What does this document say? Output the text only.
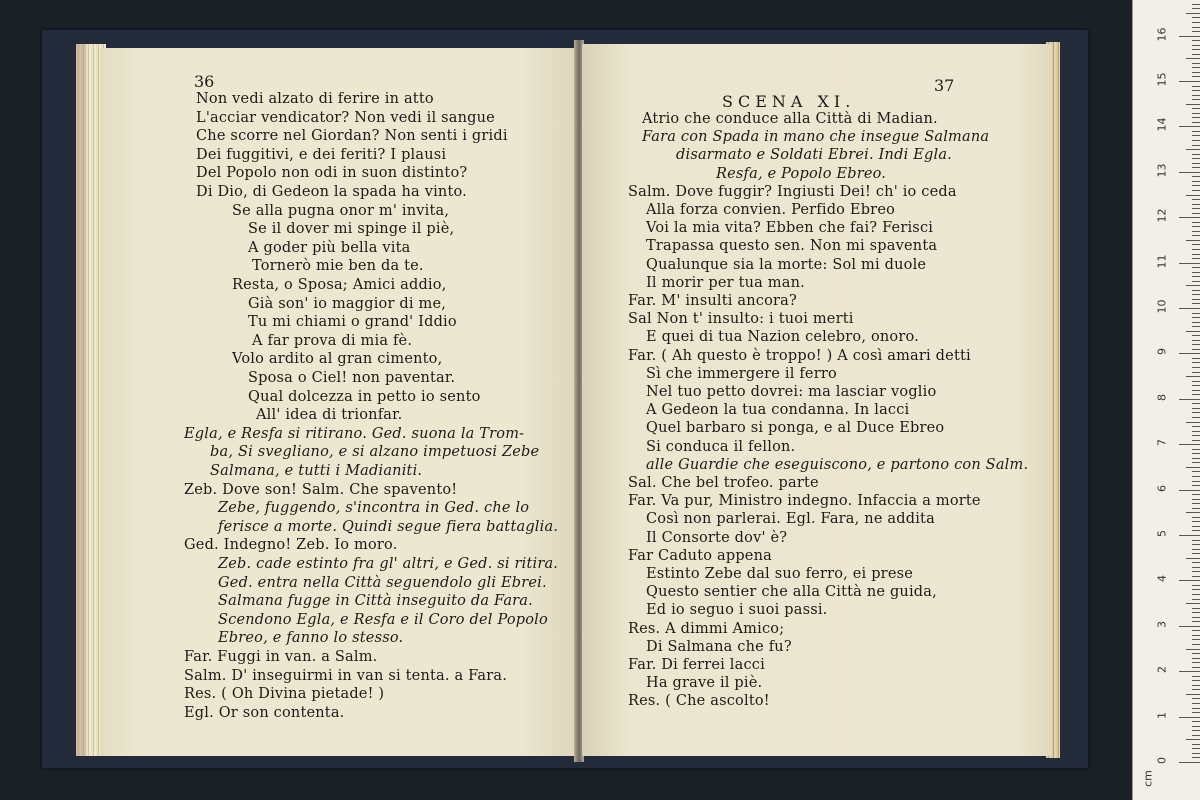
36
Non vedi alzato di ferire in atto
L'acciar vendicator? Non vedi il sangue
Che scorre nel Giordan? Non senti i gridi
Dei fuggitivi, e dei feriti? I plausi
Del Popolo non odi in suon distinto?
Di Dio, di Gedeon la spada ha vinto.
Se alla pugna onor m' invita,
Se il dover mi spinge il piè,
A goder più bella vita
Tornerò mie ben da te.
Resta, o Sposa; Amici addio,
Già son' io maggior di me,
Tu mi chiami o grand' Iddio
A far prova di mia fè.
Volo ardito al gran cimento,
Sposa o Ciel! non paventar.
Qual dolcezza in petto io sento
All' idea di trionfar.
Egla, e Resfa si ritirano. Ged. suona la Trom-
ba, Si svegliano, e si alzano impetuosi Zebe
Salmana, e tutti i Madianiti.
Zeb. Dove son! Salm. Che spavento!
Zebe, fuggendo, s'incontra in Ged. che lo
ferisce a morte. Quindi segue fiera battaglia.
Ged. Indegno! Zeb. Io moro.
Zeb. cade estinto fra gl' altri, e Ged. si ritira.
Ged. entra nella Città seguendolo gli Ebrei.
Salmana fugge in Città inseguito da Fara.
Scendono Egla, e Resfa e il Coro del Popolo
Ebreo, e fanno lo stesso.
Far. Fuggi in van. a Salm.
Salm. D' inseguirmi in van si tenta. a Fara.
Res. ( Oh Divina pietade! )
Egl. Or son contenta.
SCENA XI.
37
Atrio che conduce alla Città di Madian.
Fara con Spada in mano che insegue Salmana
disarmato e Soldati Ebrei. Indi Egla.
Resfa, e Popolo Ebreo.
Salm. Dove fuggir? Ingiusti Dei! ch' io ceda
Alla forza convien. Perfido Ebreo
Voi la mia vita? Ebben che fai? Ferisci
Trapassa questo sen. Non mi spaventa
Qualunque sia la morte: Sol mi duole
Il morir per tua man.
Far. M' insulti ancora?
Sal Non t' insulto: i tuoi merti
E quei di tua Nazion celebro, onoro.
Far. ( Ah questo è troppo! ) A così amari detti
Sì che immergere il ferro
Nel tuo petto dovrei: ma lasciar voglio
A Gedeon la tua condanna. In lacci
Quel barbaro si ponga, e al Duce Ebreo
Si conduca il fellon.
alle Guardie che eseguiscono, e partono con Salm.
Sal. Che bel trofeo. parte
Far. Va pur, Ministro indegno. Infaccia a morte
Così non parlerai. Egl. Fara, ne addita
Il Consorte dov' è?
Far Caduto appena
Estinto Zebe dal suo ferro, ei prese
Questo sentier che alla Città ne guida,
Ed io seguo i suoi passi.
Res. A dimmi Amico;
Di Salmana che fu?
Far. Di ferrei lacci
Ha grave il piè.
Res. ( Che ascolto!
0
1
2
3
4
5
6
7
8
9
10
11
12
13
14
15
16
cm
